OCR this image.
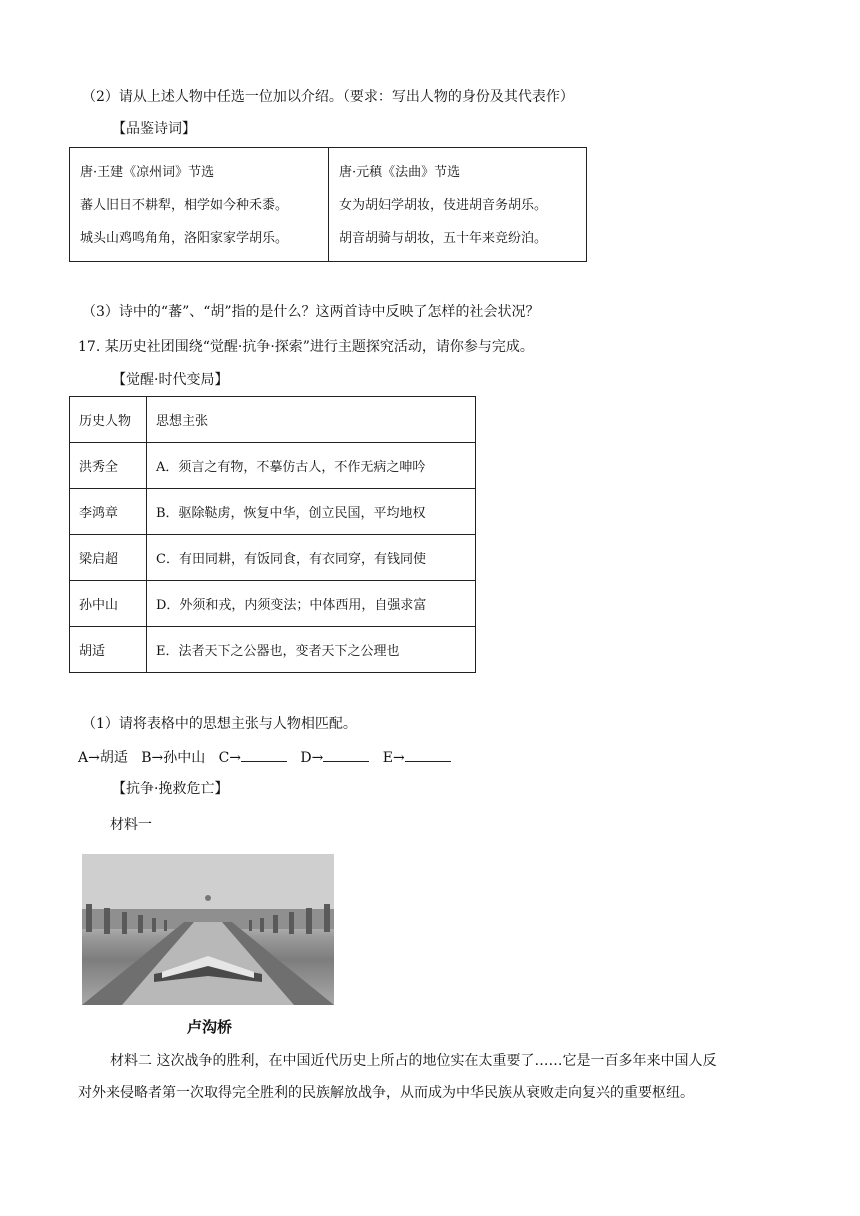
（2）请从上述人物中任选一位加以介绍。（要求：写出人物的身份及其代表作）
【品鉴诗词】
唐·王建《凉州词》节选
蕃人旧日不耕犁，相学如今种禾黍。
城头山鸡鸣角角，洛阳家家学胡乐。

唐·元稹《法曲》节选
女为胡妇学胡妆，伎进胡音务胡乐。
胡音胡骑与胡妆，五十年来竞纷泊。
（3）诗中的“蕃”、“胡”指的是什么？这两首诗中反映了怎样的社会状况？
17. 某历史社团围绕“觉醒·抗争·探索”进行主题探究活动，请你参与完成。
【觉醒·时代变局】
历史人物	思想主张
洪秀全	A．须言之有物，不摹仿古人，不作无病之呻吟
李鸿章	B．驱除鞑虏，恢复中华，创立民国，平均地权
梁启超	C．有田同耕，有饭同食，有衣同穿，有钱同使
孙中山	D．外须和戎，内须变法；中体西用，自强求富
胡适	E．法者天下之公器也，变者天下之公理也
（1）请将表格中的思想主张与人物相匹配。
A→胡适 B→孙中山 C→	D→	E→
【抗争·挽救危亡】
材料一
卢沟桥
材料二 这次战争的胜利，在中国近代历史上所占的地位实在太重要了……它是一百多年来中国人反
对外来侵略者第一次取得完全胜利的民族解放战争，从而成为中华民族从衰败走向复兴的重要枢纽。
